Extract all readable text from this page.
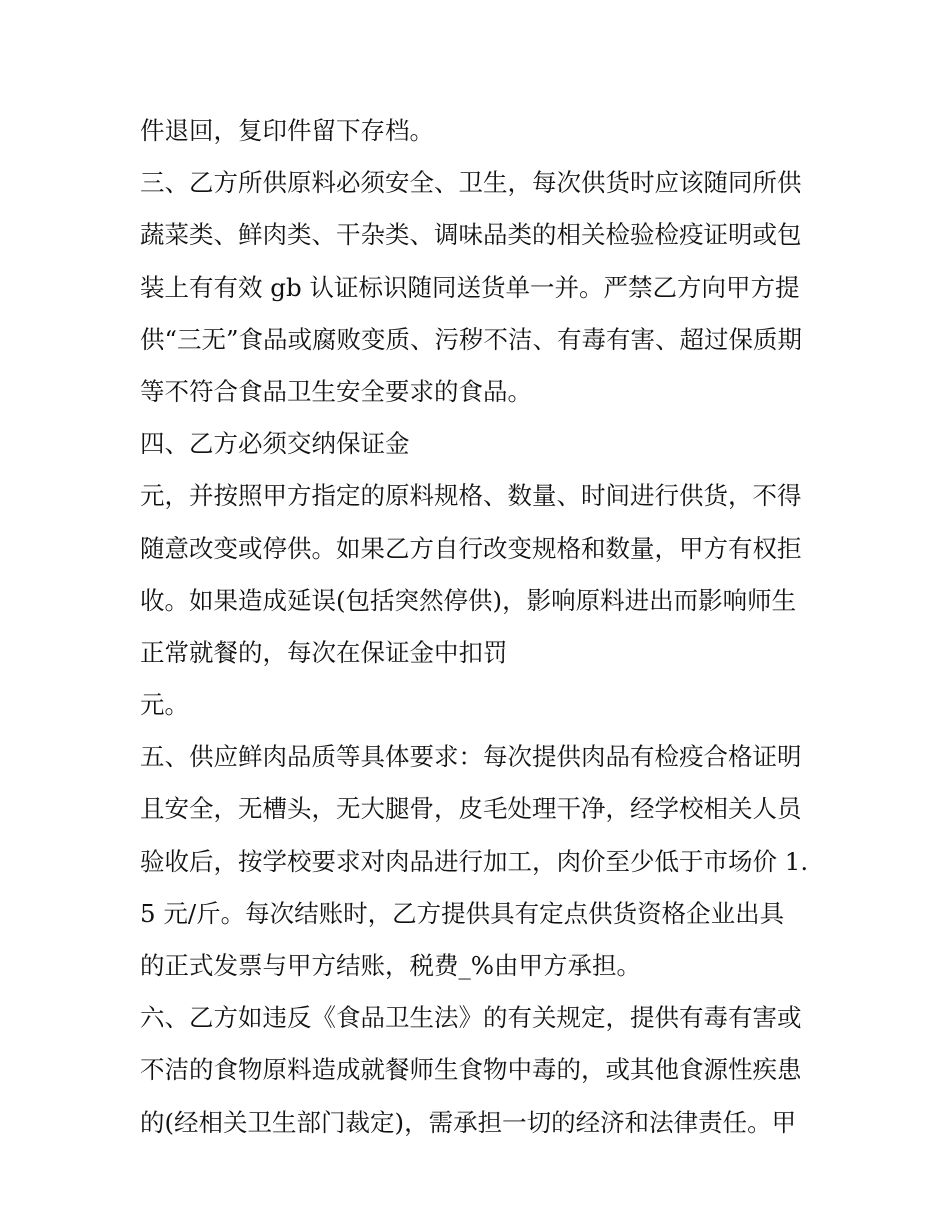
件退回，复印件留下存档。
三、乙方所供原料必须安全、卫生，每次供货时应该随同所供
蔬菜类、鲜肉类、干杂类、调味品类的相关检验检疫证明或包
装上有有效 gb 认证标识随同送货单一并。严禁乙方向甲方提
供“三无”食品或腐败变质、污秽不洁、有毒有害、超过保质期
等不符合食品卫生安全要求的食品。
四、乙方必须交纳保证金
元，并按照甲方指定的原料规格、数量、时间进行供货，不得
随意改变或停供。如果乙方自行改变规格和数量，甲方有权拒
收。如果造成延误(包括突然停供)，影响原料进出而影响师生
正常就餐的，每次在保证金中扣罚
元。
五、供应鲜肉品质等具体要求：每次提供肉品有检疫合格证明
且安全，无槽头，无大腿骨，皮毛处理干净，经学校相关人员
验收后，按学校要求对肉品进行加工，肉价至少低于市场价 1.
5 元/斤。每次结账时，乙方提供具有定点供货资格企业出具
的正式发票与甲方结账，税费_%由甲方承担。
六、乙方如违反《食品卫生法》的有关规定，提供有毒有害或
不洁的食物原料造成就餐师生食物中毒的，或其他食源性疾患
的(经相关卫生部门裁定)，需承担一切的经济和法律责任。甲
